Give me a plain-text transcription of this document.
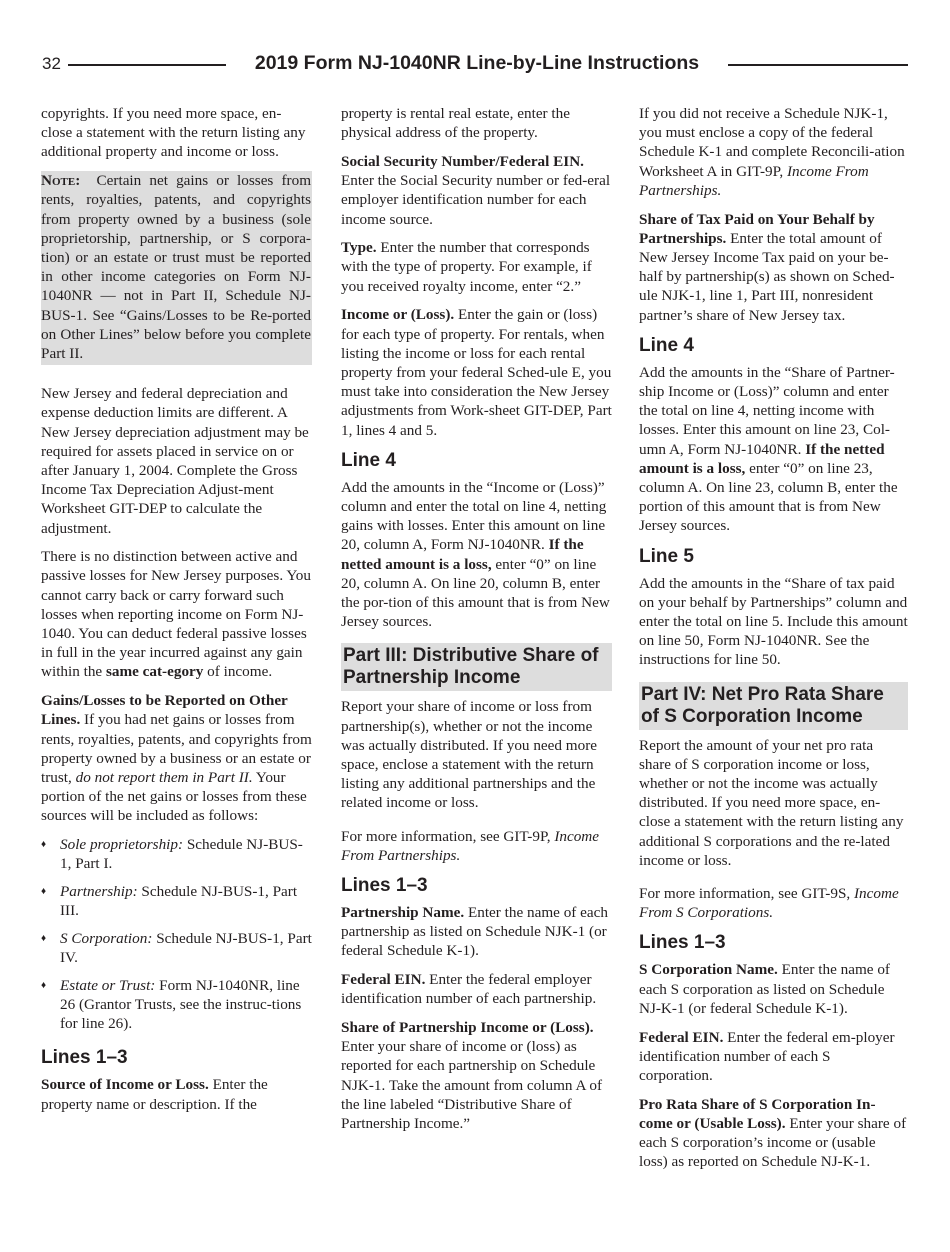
32	2019 Form NJ-1040NR Line-by-Line Instructions

copyrights. If you need more space, en-close a statement with the return listing any additional property and income or loss.

Note: Certain net gains or losses from rents, royalties, patents, and copyrights from property owned by a business (sole proprietorship, partnership, or S corpora-tion) or an estate or trust must be reported in other income categories on Form NJ-1040NR — not in Part II, Schedule NJ-BUS-1. See “Gains/Losses to be Re-ported on Other Lines” below before you complete Part II.

New Jersey and federal depreciation and expense deduction limits are different. A New Jersey depreciation adjustment may be required for assets placed in service on or after January 1, 2004. Complete the Gross Income Tax Depreciation Adjust-ment Worksheet GIT-DEP to calculate the adjustment.

There is no distinction between active and passive losses for New Jersey purposes. You cannot carry back or carry forward such losses when reporting income on Form NJ-1040. You can deduct federal passive losses in full in the year incurred against any gain within the same cat-egory of income.

Gains/Losses to be Reported on Other Lines. If you had net gains or losses from rents, royalties, patents, and copyrights from property owned by a business or an estate or trust, do not report them in Part II. Your portion of the net gains or losses from these sources will be included as follows:

♦ Sole proprietorship: Schedule NJ-BUS-1, Part I.
♦ Partnership: Schedule NJ-BUS-1, Part III.
♦ S Corporation: Schedule NJ-BUS-1, Part IV.
♦ Estate or Trust: Form NJ-1040NR, line 26 (Grantor Trusts, see the instruc-tions for line 26).
Lines 1–3

Source of Income or Loss. Enter the property name or description. If the

property is rental real estate, enter the physical address of the property.

Social Security Number/Federal EIN. Enter the Social Security number or fed-eral employer identification number for each income source.

Type. Enter the number that corresponds with the type of property. For example, if you received royalty income, enter “2.”

Income or (Loss). Enter the gain or (loss) for each type of property. For rentals, when listing the income or loss for each rental property from your federal Sched-ule E, you must take into consideration the New Jersey adjustments from Work-sheet GIT-DEP, Part 1, lines 4 and 5.

Line 4

Add the amounts in the “Income or (Loss)” column and enter the total on line 4, netting gains with losses. Enter this amount on line 20, column A, Form NJ-1040NR. If the netted amount is a loss, enter “0” on line 20, column A. On line 20, column B, enter the por-tion of this amount that is from New Jersey sources.

Part III: Distributive Share of Partnership Income

Report your share of income or loss from partnership(s), whether or not the income was actually distributed. If you need more space, enclose a statement with the return listing any additional partnerships and the related income or loss.

For more information, see GIT-9P, Income From Partnerships.

Lines 1–3

Partnership Name. Enter the name of each partnership as listed on Schedule NJK-1 (or federal Schedule K-1).

Federal EIN. Enter the federal employer identification number of each partnership.

Share of Partnership Income or (Loss). Enter your share of income or (loss) as reported for each partnership on Schedule NJK-1. Take the amount from column A of the line labeled “Distributive Share of Partnership Income.”

If you did not receive a Schedule NJK-1, you must enclose a copy of the federal Schedule K-1 and complete Reconcili-ation Worksheet A in GIT-9P, Income From Partnerships.

Share of Tax Paid on Your Behalf by Partnerships. Enter the total amount of New Jersey Income Tax paid on your be-half by partnership(s) as shown on Sched-ule NJK-1, line 1, Part III, nonresident partner’s share of New Jersey tax.

Line 4

Add the amounts in the “Share of Partner-ship Income or (Loss)” column and enter the total on line 4, netting income with losses. Enter this amount on line 23, Col-umn A, Form NJ-1040NR. If the netted amount is a loss, enter “0” on line 23, column A. On line 23, column B, enter the portion of this amount that is from New Jersey sources.

Line 5

Add the amounts in the “Share of tax paid on your behalf by Partnerships” column and enter the total on line 5. Include this amount on line 50, Form NJ-1040NR. See the instructions for line 50.

Part IV: Net Pro Rata Share of S Corporation Income

Report the amount of your net pro rata share of S corporation income or loss, whether or not the income was actually distributed. If you need more space, en-close a statement with the return listing any additional S corporations and the re-lated income or loss.

For more information, see GIT-9S, Income From S Corporations.

Lines 1–3

S Corporation Name. Enter the name of each S corporation as listed on Schedule NJ-K-1 (or federal Schedule K-1).

Federal EIN. Enter the federal em-ployer identification number of each S corporation.

Pro Rata Share of S Corporation In-come or (Usable Loss). Enter your share of each S corporation’s income or (usable loss) as reported on Schedule NJ-K-1.
